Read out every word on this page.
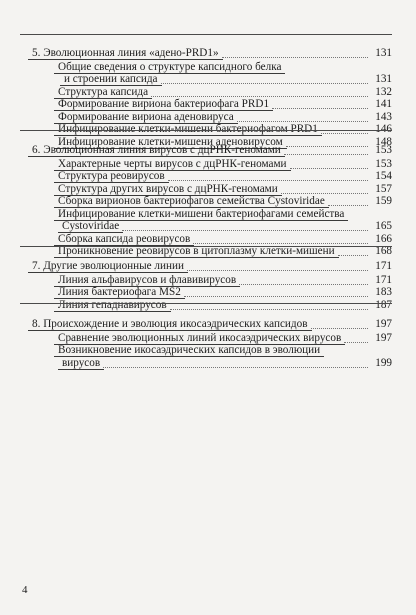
5. Эволюционная линия «адено-PRD1»	131
Общие сведения о структуре капсидного белка
и строении капсида	131
Структура капсида	132
Формирование вириона бактериофага PRD1	141
Формирование вириона аденовируса	143
Инфицирование клетки-мишени бактериофагом PRD1	146
Инфицирование клетки-мишени аденовирусом	148
6. Эволюционная линия вирусов с дцРНК-геномами	153
Характерные черты вирусов с дцРНК-геномами	153
Структура реовирусов	154
Структура других вирусов с дцРНК-геномами	157
Сборка вирионов бактериофагов семейства Cystoviridae	159
Инфицирование клетки-мишени бактериофагами семейства
Cystoviridae	165
Сборка капсида реовирусов	166
Проникновение реовирусов в цитоплазму клетки-мишени	168
7. Другие эволюционные линии	171
Линия альфавирусов и флавивирусов	171
Линия бактериофага MS2	183
Линия гепаднавирусов	187
8. Происхождение и эволюция икосаэдрических капсидов	197
Сравнение эволюционных линий икосаэдрических вирусов	197
Возникновение икосаэдрических капсидов в эволюции
вирусов	199
4
